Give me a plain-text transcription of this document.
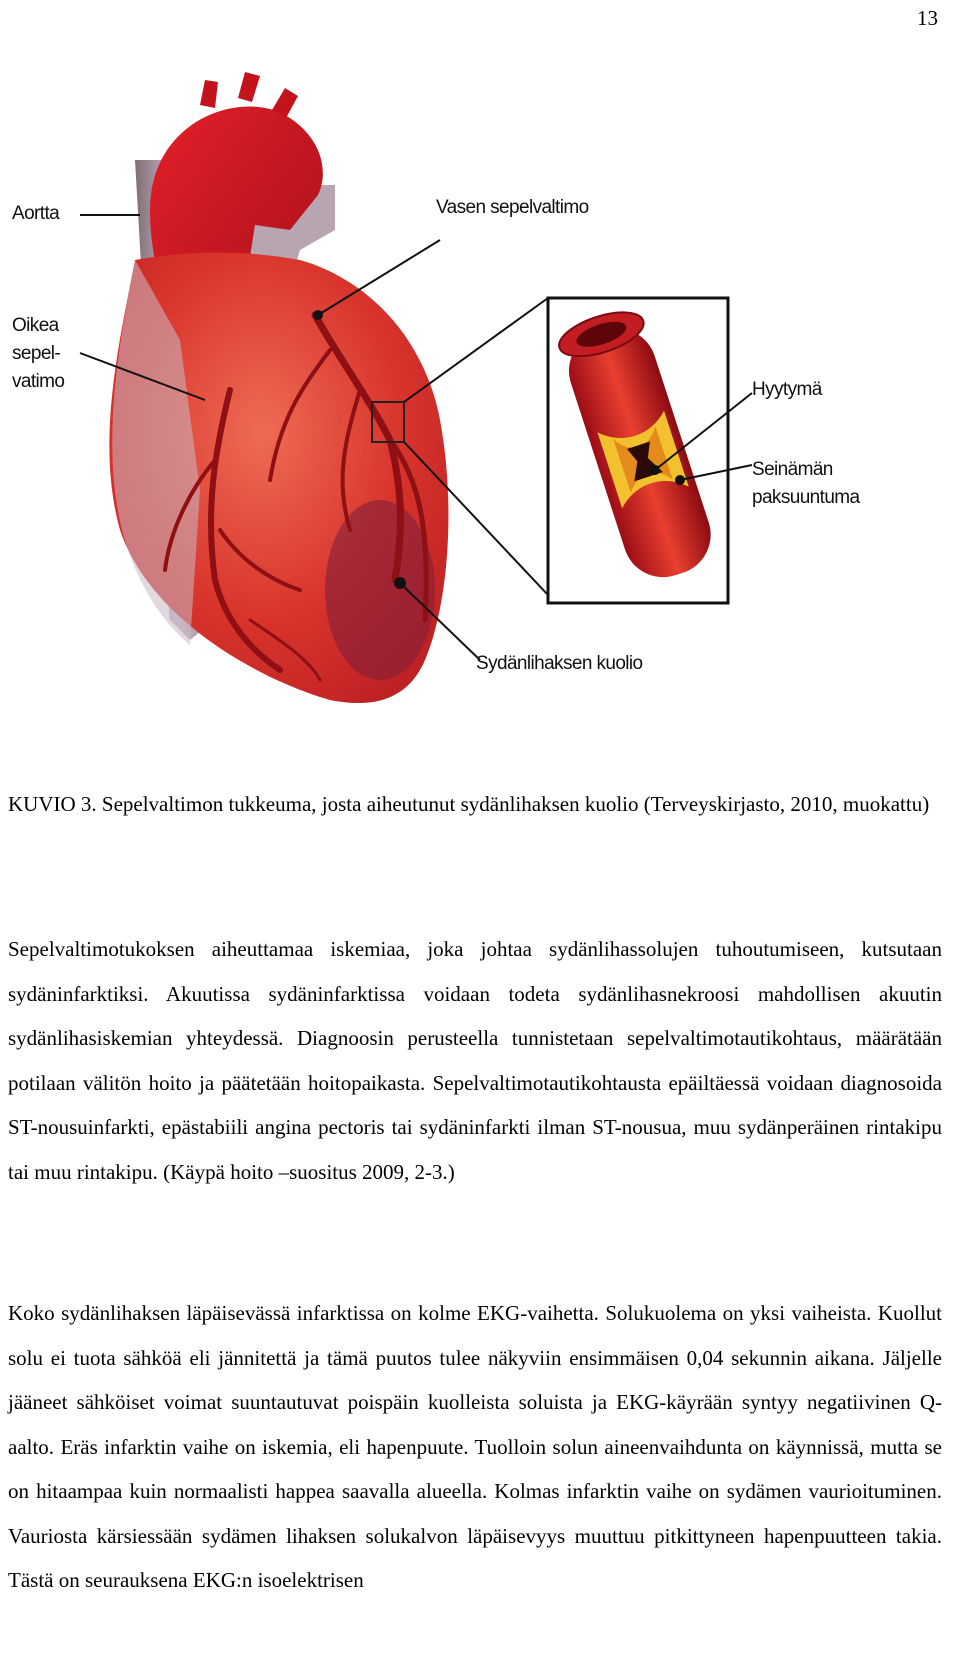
13
Aortta
Oikea
sepel-
vatimo
Vasen sepelvaltimo
Hyytymä
Seinämän
paksuuntuma
Sydänlihaksen kuolio
KUVIO 3. Sepelvaltimon tukkeuma, josta aiheutunut sydänlihaksen kuolio (Terveyskirjasto, 2010, muokattu)

Sepelvaltimotukoksen aiheuttamaa iskemiaa, joka johtaa sydänlihassolujen tuhoutumiseen, kutsutaan sydäninfarktiksi. Akuutissa sydäninfarktissa voidaan todeta sydänlihasnekroosi mahdollisen akuutin sydänlihasiskemian yhteydessä. Diagnoosin perusteella tunnistetaan sepelvaltimotautikohtaus, määrätään potilaan välitön hoito ja päätetään hoitopaikasta. Sepelvaltimotautikohtausta epäiltäessä voidaan diagnosoida ST-nousuinfarkti, epästabiili angina pectoris tai sydäninfarkti ilman ST-nousua, muu sydänperäinen rintakipu tai muu rintakipu. (Käypä hoito –suositus 2009, 2-3.)

Koko sydänlihaksen läpäisevässä infarktissa on kolme EKG-vaihetta. Solukuolema on yksi vaiheista. Kuollut solu ei tuota sähköä eli jännitettä ja tämä puutos tulee näkyviin ensimmäisen 0,04 sekunnin aikana. Jäljelle jääneet sähköiset voimat suuntautuvat poispäin kuolleista soluista ja EKG-käyrään syntyy negatiivinen Q-aalto. Eräs infarktin vaihe on iskemia, eli hapenpuute. Tuolloin solun aineenvaihdunta on käynnissä, mutta se on hitaampaa kuin normaalisti happea saavalla alueella. Kolmas infarktin vaihe on sydämen vaurioituminen. Vauriosta kärsiessään sydämen lihaksen solukalvon läpäisevyys muuttuu pitkittyneen hapenpuutteen takia. Tästä on seurauksena EKG:n isoelektrisen
